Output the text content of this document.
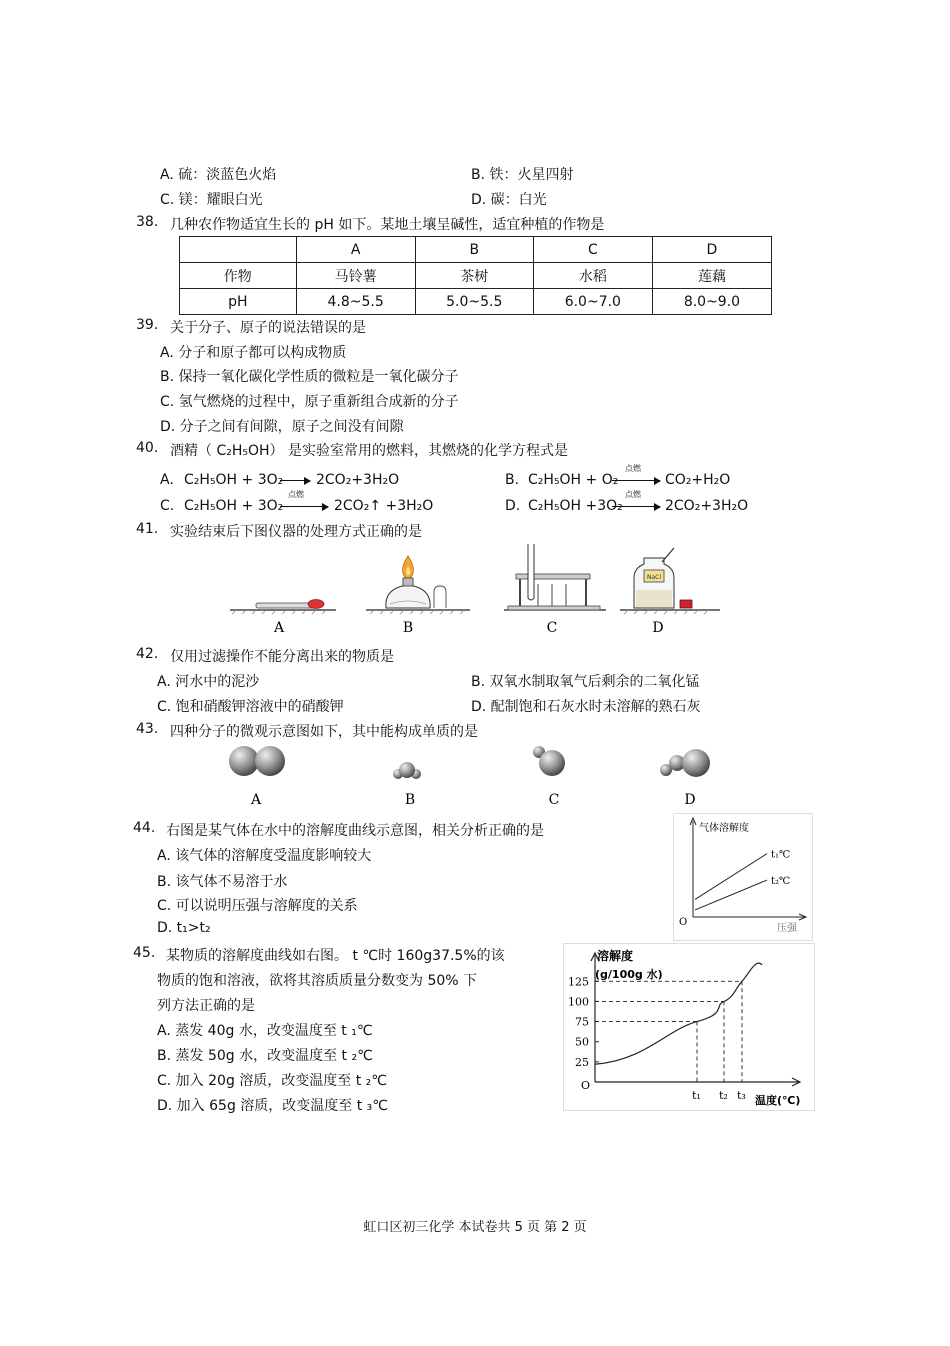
A. 硫：淡蓝色火焰	B. 铁：火星四射
C. 镁：耀眼白光	D. 碳：白光
38. 几种农作物适宜生长的 pH 如下。某地土壤呈碱性，适宜种植的作物是
	A	B	C	D
作物	马铃薯	茶树	水稻	莲藕
pH	4.8~5.5	5.0~5.5	6.0~7.0	8.0~9.0
39. 关于分子、原子的说法错误的是
A. 分子和原子都可以构成物质
B. 保持一氧化碳化学性质的微粒是一氧化碳分子
C. 氢气燃烧的过程中，原子重新组合成新的分子
D. 分子之间有间隙，原子之间没有间隙
40. 酒精（ C₂H₅OH） 是实验室常用的燃料，其燃烧的化学方程式是
A. C₂H₅OH + 3O₂ → 2CO₂+3H₂O	B. C₂H₅OH + O₂
点燃
→ CO₂+H₂O
C. C₂H₅OH + 3O₂
点燃
→ 2CO₂↑ +3H₂O	D. C₂H₅OH +3O₂
点燃
→ 2CO₂+3H₂O
41. 实验结束后下图仪器的处理方式正确的是
NaCl
A	B	C	D
42. 仅用过滤操作不能分离出来的物质是
A. 河水中的泥沙	B. 双氧水制取氧气后剩余的二氧化锰
C. 饱和硝酸钾溶液中的硝酸钾	D. 配制饱和石灰水时未溶解的熟石灰
43. 四种分子的微观示意图如下，其中能构成单质的是
A	B	C	D
44. 右图是某气体在水中的溶解度曲线示意图，相关分析正确的是
A. 该气体的溶解度受温度影响较大
B. 该气体不易溶于水
C. 可以说明压强与溶解度的关系
D. t₁>t₂
气体溶解度
压强
O
t₁℃
t₂℃
45. 某物质的溶解度曲线如右图。 t ℃时 160g37.5%的该
物质的饱和溶液，欲将其溶质质量分数变为 50% 下
列方法正确的是
A. 蒸发 40g 水，改变温度至 t ₁℃
B. 蒸发 50g 水，改变温度至 t ₂℃
C. 加入 20g 溶质，改变温度至 t ₂℃
D. 加入 65g 溶质，改变温度至 t ₃℃
溶解度
(g/100g 水)
温度(℃)
O
25
50
75
100
125
t₁ t₂ t₃
虹口区初三化学 本试卷共 5 页 第 2 页
